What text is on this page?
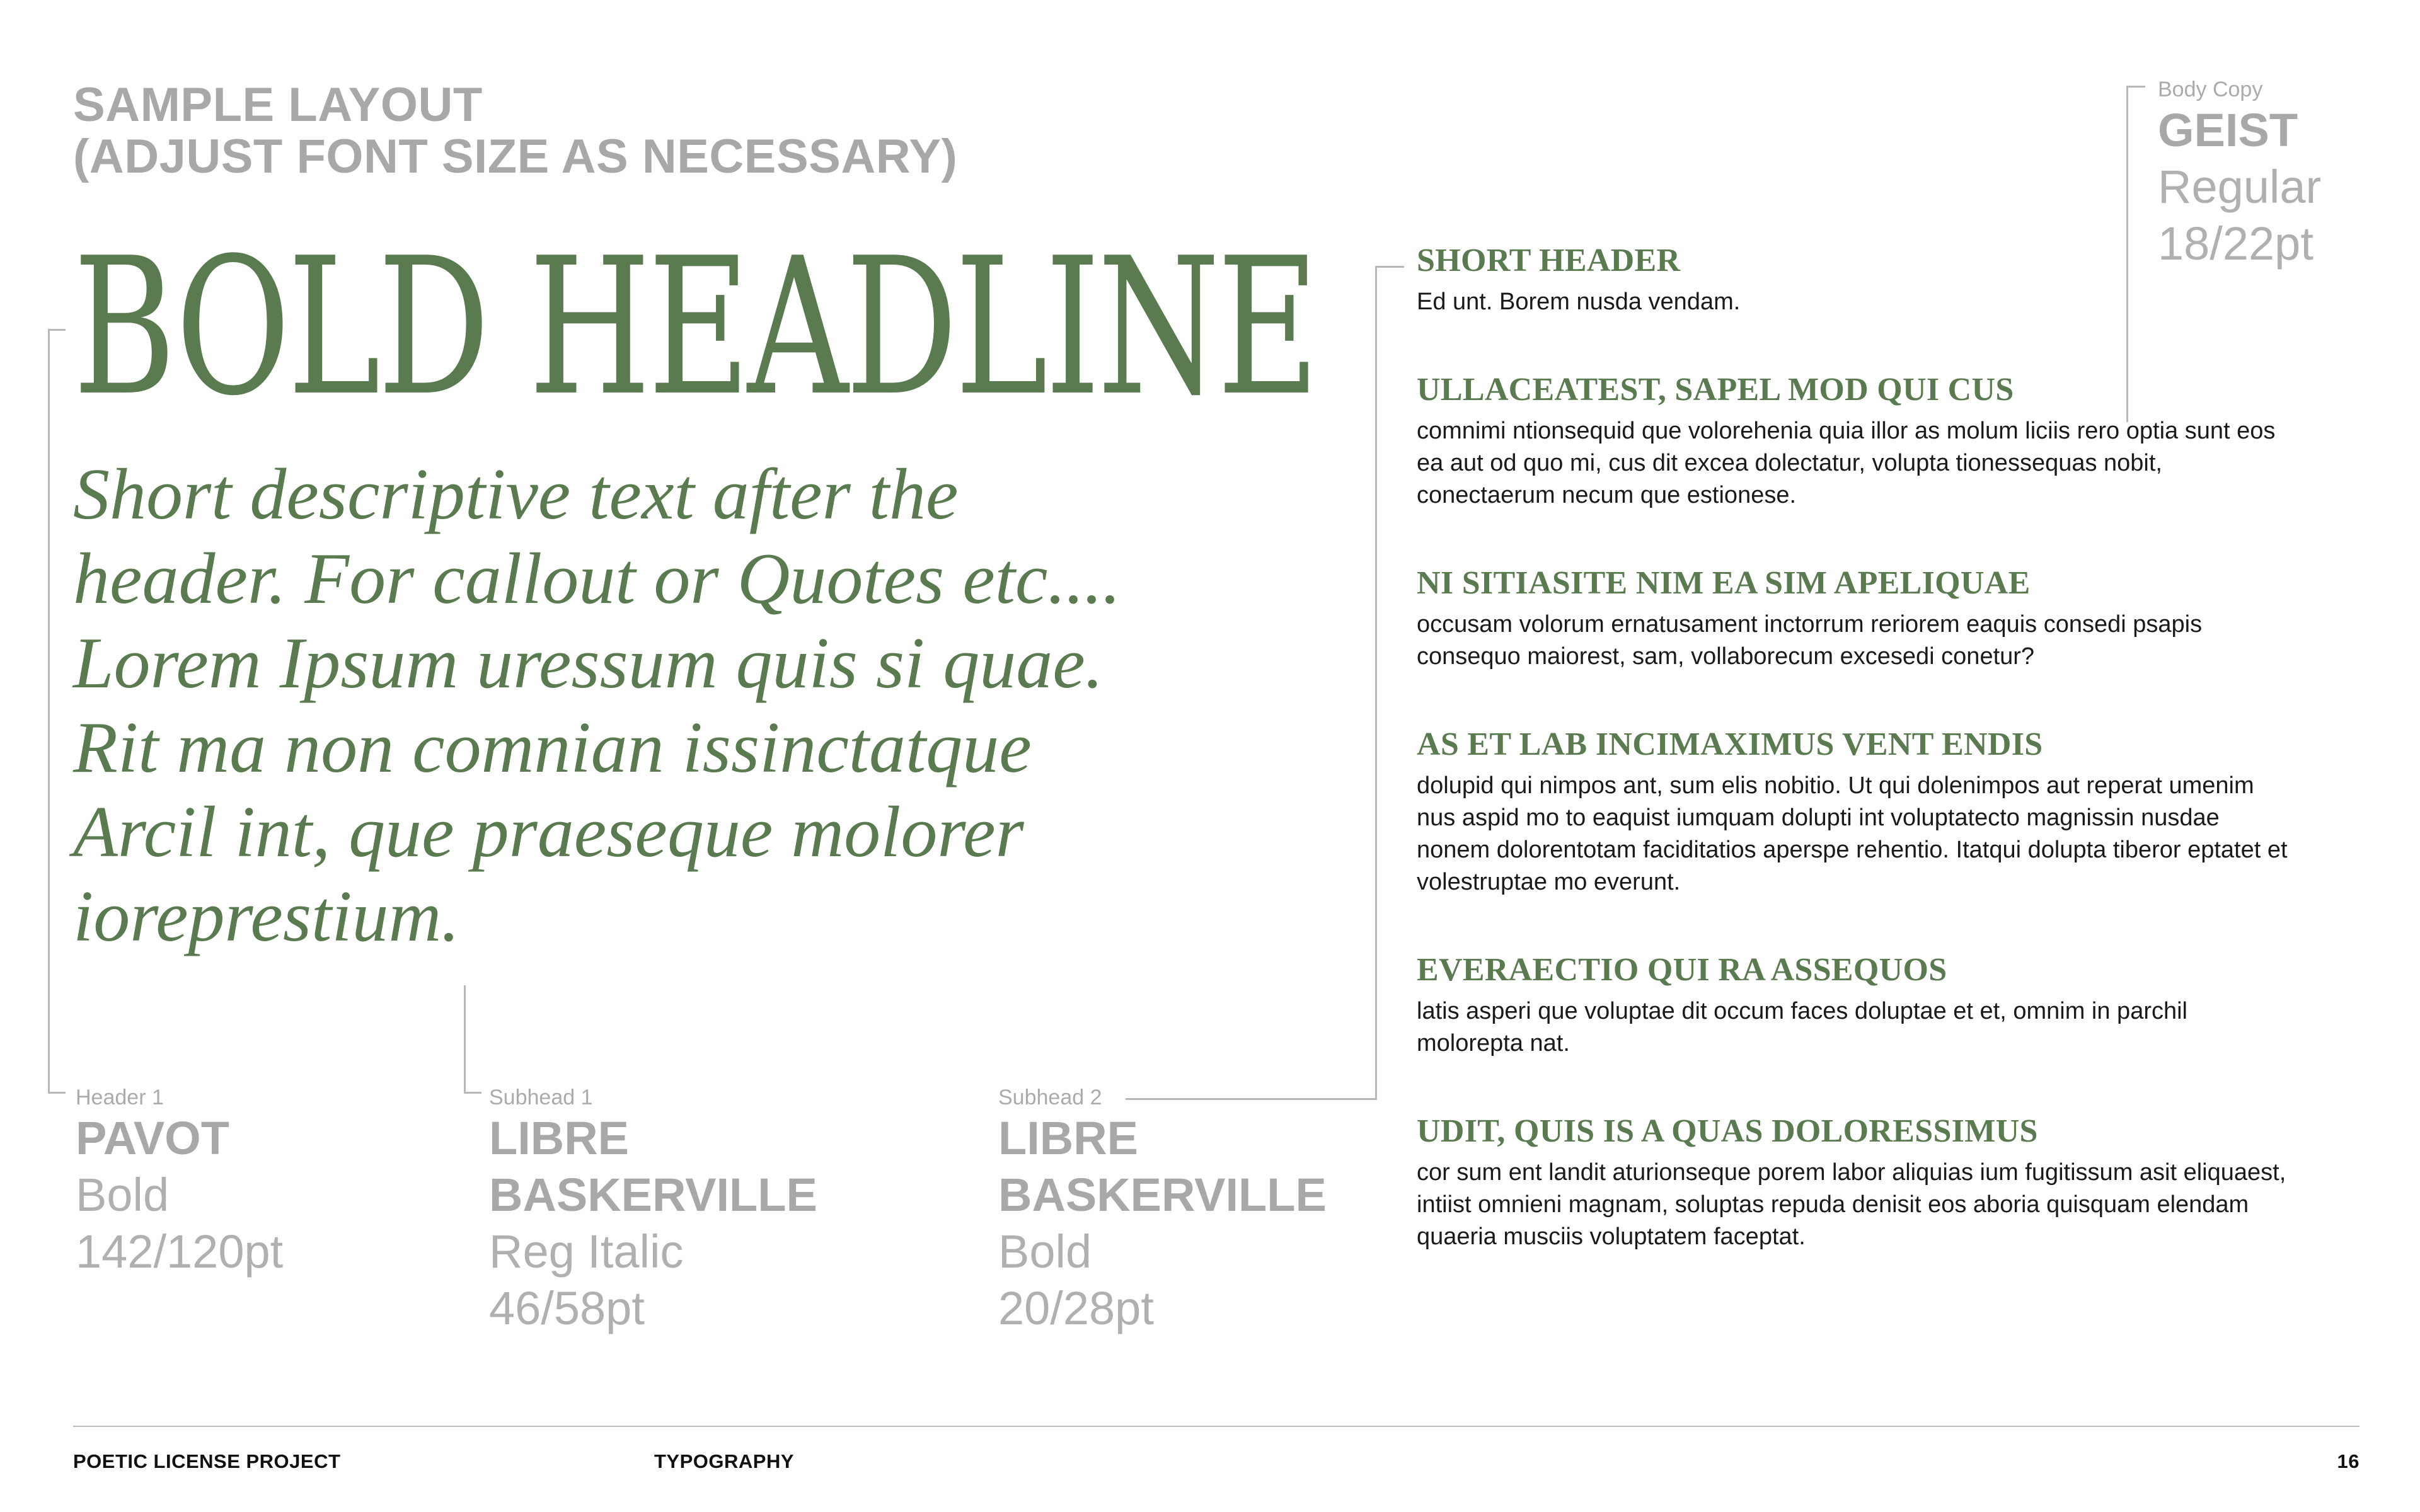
SAMPLE LAYOUT
(ADJUST FONT SIZE AS NECESSARY)
BOLD HEADLINE

Short descriptive text after the header. For callout or Quotes etc.... Lorem Ipsum uressum quis si quae. Rit ma non comnian issinctatque Arcil int, que praeseque molorer ioreprestium.

Header 1
PAVOT
Bold
142/120pt
Subhead 1
LIBRE
BASKERVILLE
Reg Italic
46/58pt
Subhead 2
LIBRE
BASKERVILLE
Bold
20/28pt
Body Copy
GEIST
Regular
18/22pt
SHORT HEADER

Ed unt. Borem nusda vendam.

ULLACEATEST, SAPEL MOD QUI CUS

comnimi ntionsequid que volorehenia quia illor as molum liciis rero optia sunt eos ea aut od quo mi, cus dit excea dolectatur, volupta tionessequas nobit, conectaerum necum que estionese.

NI SITIASITE NIM EA SIM APELIQUAE

occusam volorum ernatusament inctorrum reriorem eaquis consedi psapis consequo maiorest, sam, vollaborecum excesedi conetur?

AS ET LAB INCIMAXIMUS VENT ENDIS

dolupid qui nimpos ant, sum elis nobitio. Ut qui dolenimpos aut reperat umenim nus aspid mo to eaquist iumquam dolupti int voluptatecto magnissin nusdae nonem dolorentotam faciditatios aperspe rehentio. Itatqui dolupta tiberor eptatet et volestruptae mo everunt.

EVERAECTIO QUI RA ASSEQUOS

latis asperi que voluptae dit occum faces doluptae et et, omnim in parchil molorepta nat.

UDIT, QUIS IS A QUAS DOLORESSIMUS

cor sum ent landit aturionseque porem labor aliquias ium fugitissum asit eliquaest, intiist omnieni magnam, soluptas repuda denisit eos aboria quisquam elendam quaeria musciis voluptatem faceptat.

POETIC LICENSE PROJECT	TYPOGRAPHY	16
